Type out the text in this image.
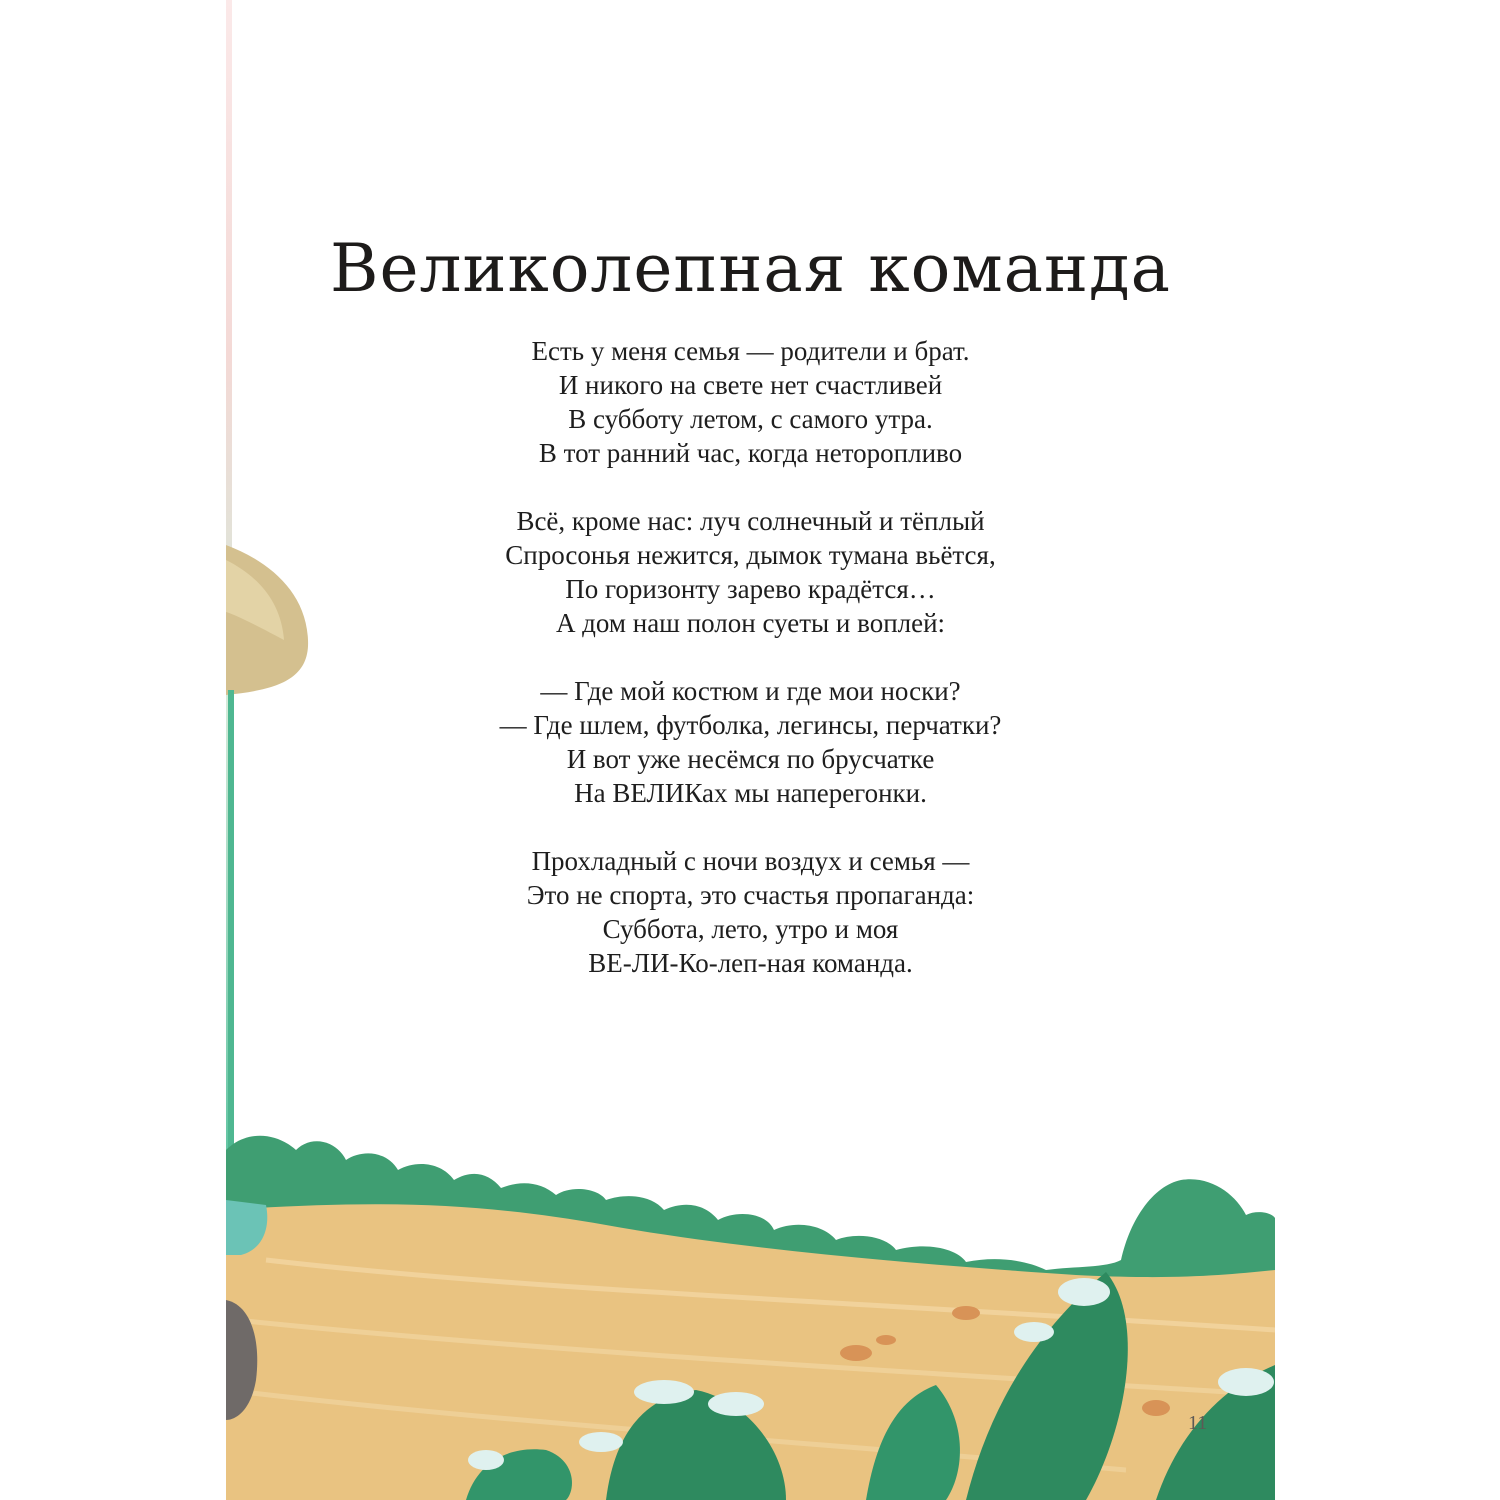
Великолепная команда
Есть у меня семья — родители и брат.
И никого на свете нет счастливей
В субботу летом, с самого утра.
В тот ранний час, когда неторопливо
Всё, кроме нас: луч солнечный и тёплый
Спросонья нежится, дымок тумана вьётся,
По горизонту зарево крадётся…
А дом наш полон суеты и воплей:
— Где мой костюм и где мои носки?
— Где шлем, футболка, легинсы, перчатки?
И вот уже несёмся по брусчатке
На ВЕЛИКах мы наперегонки.
Прохладный с ночи воздух и семья —
Это не спорта, это счастья пропаганда:
Суббота, лето, утро и моя
ВЕ-ЛИ-Ко-леп-ная команда.
11
